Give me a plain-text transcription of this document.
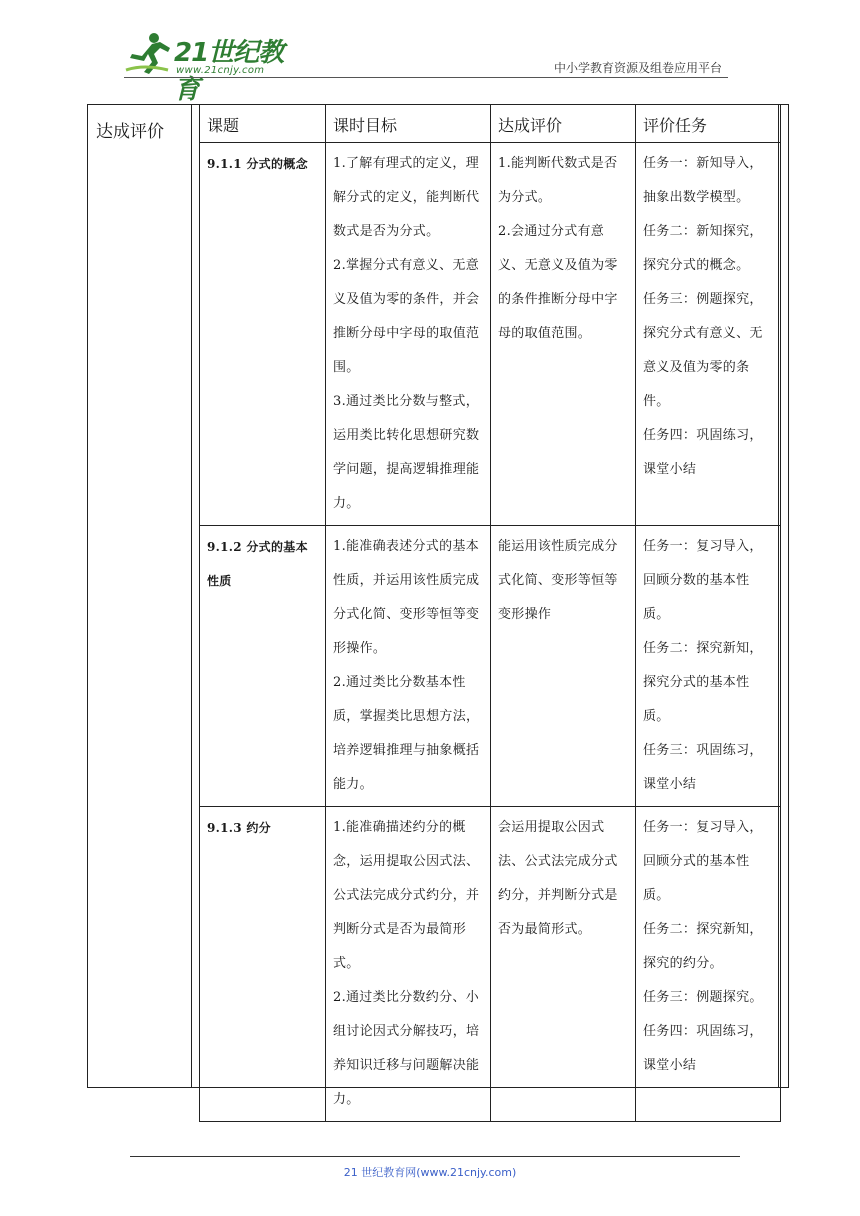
21世纪教育
www.21cnjy.com	中小学教育资源及组卷应用平台
达成评价	课题	课时目标	达成评价	评价任务

9.1.1 分式的概念	1.了解有理式的定义，理解分式的定义，能判断代数式是否为分式。
2.掌握分式有意义、无意义及值为零的条件，并会推断分母中字母的取值范围。
3.通过类比分数与整式，运用类比转化思想研究数学问题，提高逻辑推理能力。	1.能判断代数式是否为分式。
2.会通过分式有意义、无意义及值为零的条件推断分母中字母的取值范围。	任务一：新知导入，抽象出数学模型。
任务二：新知探究，探究分式的概念。
任务三：例题探究，探究分式有意义、无意义及值为零的条件。
任务四：巩固练习，课堂小结

9.1.2 分式的基本性质	1.能准确表述分式的基本性质，并运用该性质完成分式化简、变形等恒等变形操作。
2.通过类比分数基本性质，掌握类比思想方法，培养逻辑推理与抽象概括能力。	能运用该性质完成分式化简、变形等恒等变形操作	任务一：复习导入，回顾分数的基本性质。
任务二：探究新知，探究分式的基本性质。
任务三：巩固练习，课堂小结

9.1.3 约分	1.能准确描述约分的概念，运用提取公因式法、公式法完成分式约分，并判断分式是否为最简形式。
2.通过类比分数约分、小组讨论因式分解技巧，培养知识迁移与问题解决能力。	会运用提取公因式法、公式法完成分式约分，并判断分式是否为最简形式。	任务一：复习导入，回顾分式的基本性质。
任务二：探究新知，探究的约分。
任务三：例题探究。
任务四：巩固练习，课堂小结
21 世纪教育网(www.21cnjy.com)
